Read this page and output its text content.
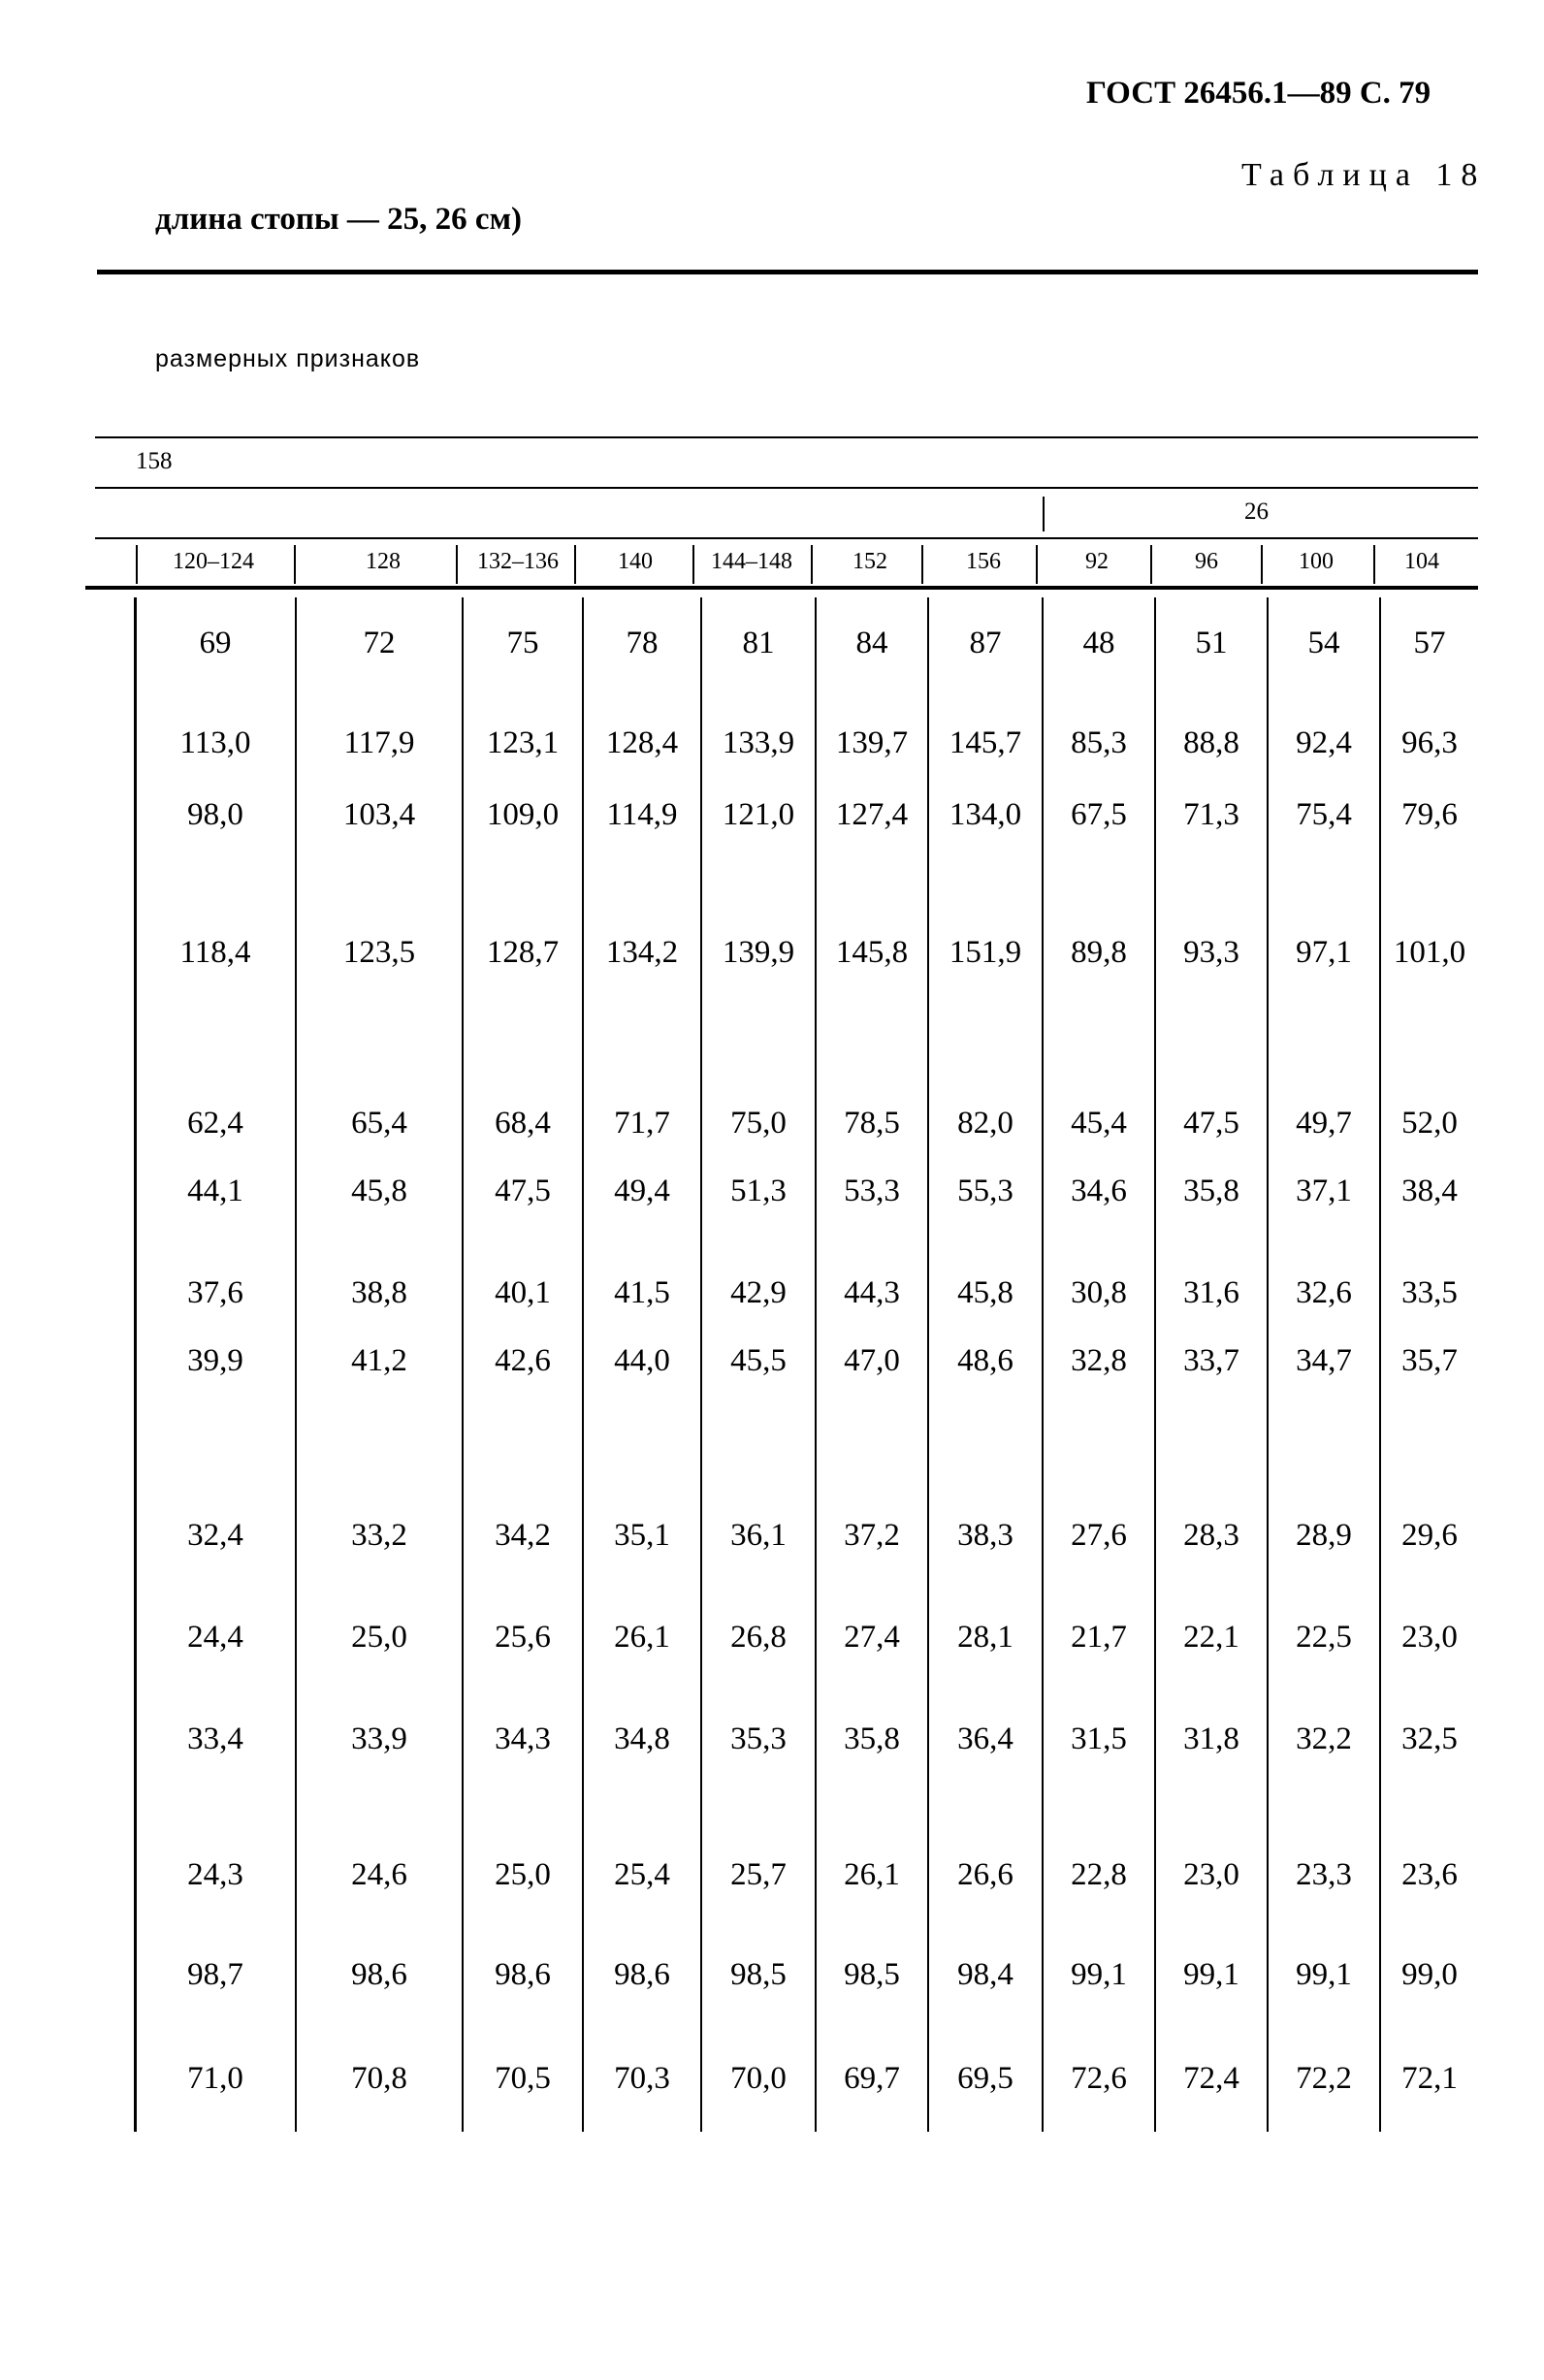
ГОСТ 26456.1—89 С. 79
Таблица 18
длина стопы — 25, 26 см)
размерных признаков
158
26
120–124	128	132–136	140	144–148	152	156	92	96	100	104
69	72	75	78	81	84	87	48	51	54	57
113,0	117,9	123,1	128,4	133,9	139,7	145,7	85,3	88,8	92,4	96,3
98,0	103,4	109,0	114,9	121,0	127,4	134,0	67,5	71,3	75,4	79,6
118,4	123,5	128,7	134,2	139,9	145,8	151,9	89,8	93,3	97,1	101,0
62,4	65,4	68,4	71,7	75,0	78,5	82,0	45,4	47,5	49,7	52,0
44,1	45,8	47,5	49,4	51,3	53,3	55,3	34,6	35,8	37,1	38,4
37,6	38,8	40,1	41,5	42,9	44,3	45,8	30,8	31,6	32,6	33,5
39,9	41,2	42,6	44,0	45,5	47,0	48,6	32,8	33,7	34,7	35,7
32,4	33,2	34,2	35,1	36,1	37,2	38,3	27,6	28,3	28,9	29,6
24,4	25,0	25,6	26,1	26,8	27,4	28,1	21,7	22,1	22,5	23,0
33,4	33,9	34,3	34,8	35,3	35,8	36,4	31,5	31,8	32,2	32,5
24,3	24,6	25,0	25,4	25,7	26,1	26,6	22,8	23,0	23,3	23,6
98,7	98,6	98,6	98,6	98,5	98,5	98,4	99,1	99,1	99,1	99,0
71,0	70,8	70,5	70,3	70,0	69,7	69,5	72,6	72,4	72,2	72,1
